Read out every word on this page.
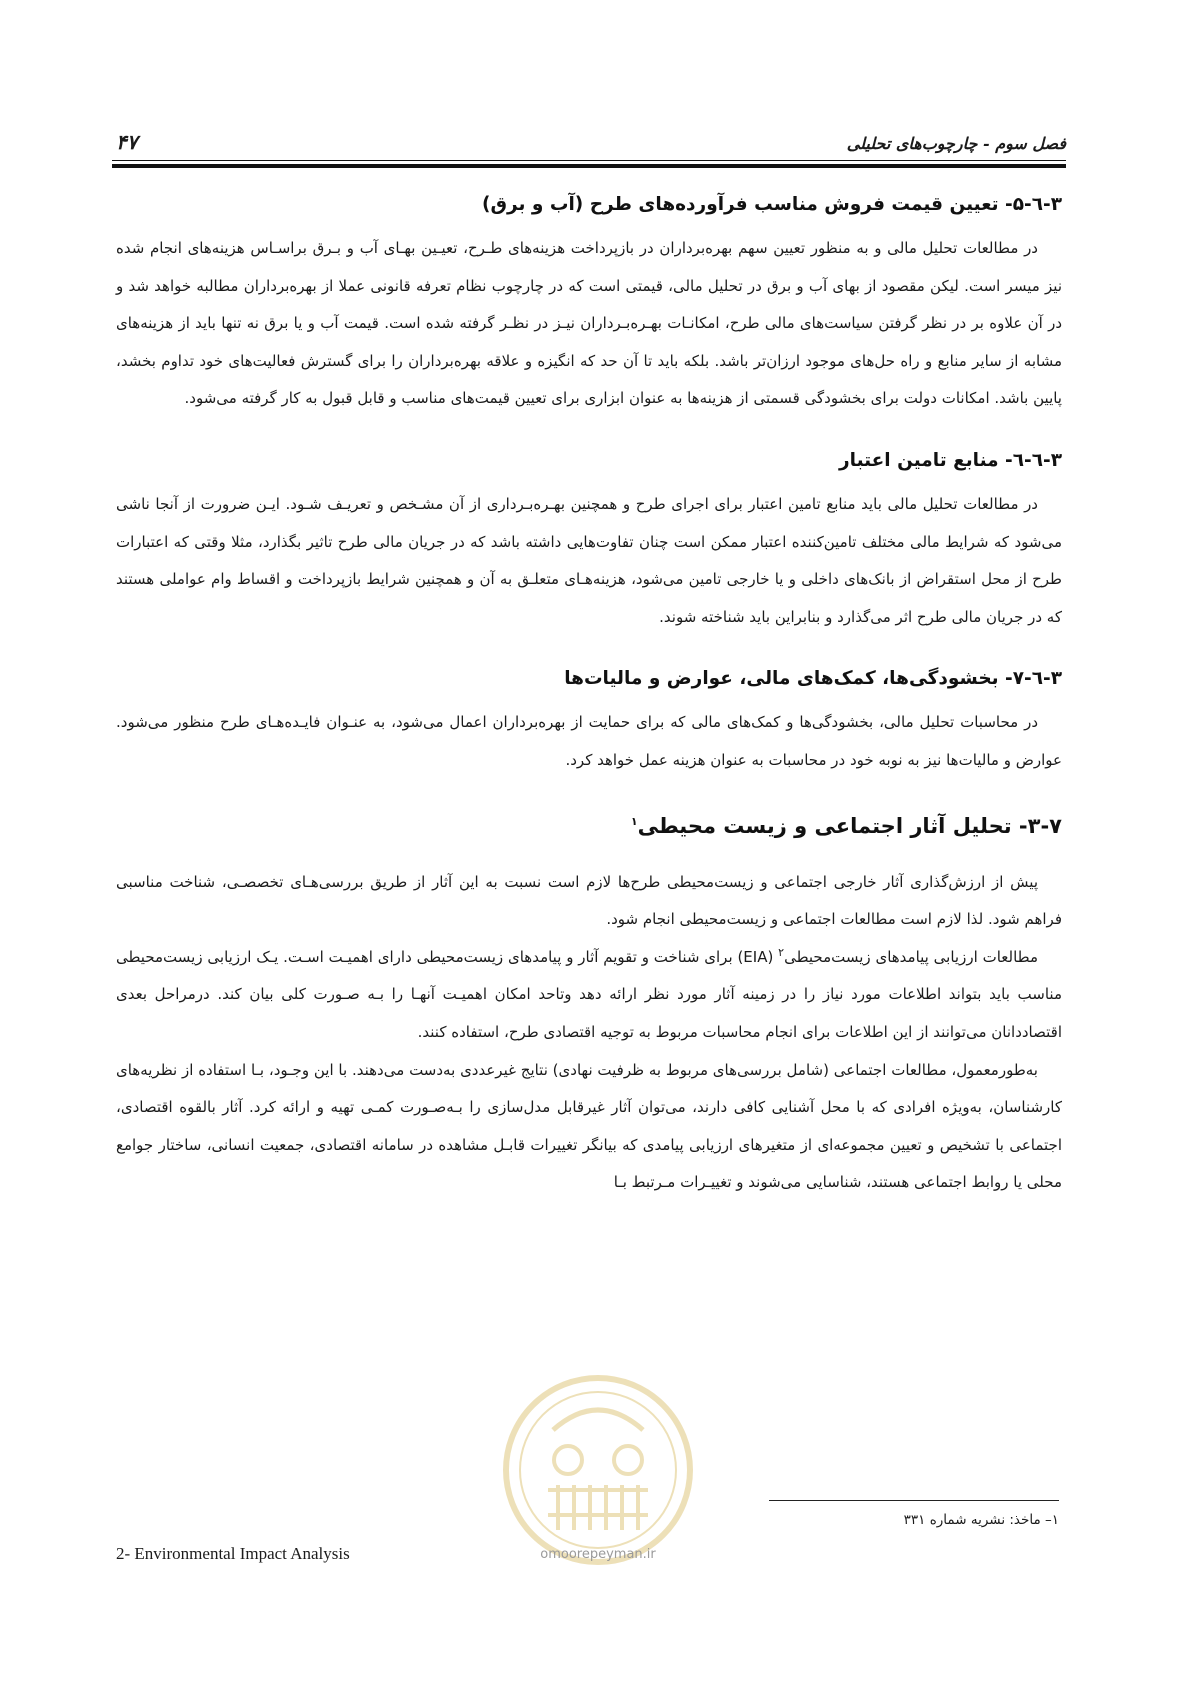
فصل سوم - چارچوب‌های تحلیلی
۴۷
۳-٦-۵- تعیین قیمت فروش مناسب فرآورده‌های طرح (آب و برق)

در مطالعات تحلیل مالی و به منظور تعیین سهم بهره‌برداران در بازپرداخت هزینه‌های طـرح، تعیـین بهـای آب و بـرق براسـاس هزینه‌های انجام شده نیز میسر است. لیکن مقصود از بهای آب و برق در تحلیل مالی، قیمتی است که در چارچوب نظام تعرفه قانونی عملا از بهره‌برداران مطالبه خواهد شد و در آن علاوه بر در نظر گرفتن سیاست‌های مالی طرح، امکانـات بهـره‌بـرداران نیـز در نظـر گرفته شده است. قیمت آب و یا برق نه تنها باید از هزینه‌های مشابه از سایر منابع و راه حل‌های موجود ارزان‌تر باشد. بلکه باید تا آن حد که انگیزه و علاقه بهره‌برداران را برای گسترش فعالیت‌های خود تداوم بخشد، پایین باشد. امکانات دولت برای بخشودگی قسمتی از هزینه‌ها به عنوان ابزاری برای تعیین قیمت‌های مناسب و قابل قبول به کار گرفته می‌شود.

۳-٦-٦- منابع تامین اعتبار

در مطالعات تحلیل مالی باید منابع تامین اعتبار برای اجرای طرح و همچنین بهـره‌بـرداری از آن مشـخص و تعریـف شـود. ایـن ضرورت از آنجا ناشی می‌شود که شرایط مالی مختلف تامین‌کننده اعتبار ممکن است چنان تفاوت‌هایی داشته باشد که در جریان مالی طرح تاثیر بگذارد، مثلا وقتی که اعتبارات طرح از محل استقراض از بانک‌های داخلی و یا خارجی تامین می‌شود، هزینه‌هـای متعلـق به آن و همچنین شرایط بازپرداخت و اقساط وام عواملی هستند که در جریان مالی طرح اثر می‌گذارد و بنابراین باید شناخته شوند.

۳-٦-۷- بخشودگی‌ها، کمک‌های مالی، عوارض و مالیات‌ها

در محاسبات تحلیل مالی، بخشودگی‌ها و کمک‌های مالی که برای حمایت از بهره‌برداران اعمال می‌شود، به عنـوان فایـده‌هـای طرح منظور می‌شود. عوارض و مالیات‌ها نیز به نوبه خود در محاسبات به عنوان هزینه عمل خواهد کرد.

۳-۷- تحلیل آثار اجتماعی و زیست محیطی$^۱$

پیش از ارزش‌گذاری آثار خارجی اجتماعی و زیست‌محیطی طرح‌ها لازم است نسبت به این آثار از طریق بررسی‌هـای تخصصـی، شناخت مناسبی فراهم شود. لذا لازم است مطالعات اجتماعی و زیست‌محیطی انجام شود.

مطالعات ارزیابی پیامدهای زیست‌محیطی$^۲$ (EIA) برای شناخت و تقویم آثار و پیامدهای زیست‌محیطی دارای اهمیـت اسـت. یـک ارزیابی زیست‌محیطی مناسب باید بتواند اطلاعات مورد نیاز را در زمینه آثار مورد نظر ارائه دهد وتاحد امکان اهمیـت آنهـا را بـه صـورت کلی بیان کند. درمراحل بعدی اقتصاددانان می‌توانند از این اطلاعات برای انجام محاسبات مربوط به توجیه اقتصادی طرح، استفاده کنند.

به‌طورمعمول، مطالعات اجتماعی (شامل بررسی‌های مربوط به ظرفیت نهادی) نتایج غیرعددی به‌دست می‌دهند. با این وجـود، بـا استفاده از نظریه‌های کارشناسان، به‌ویژه افرادی که با محل آشنایی کافی دارند، می‌توان آثار غیرقابل مدل‌سازی را بـه‌صـورت کمـی تهیه و ارائه کرد. آثار بالقوه اقتصادی، اجتماعی با تشخیص و تعیین مجموعه‌ای از متغیرهای ارزیابی پیامدی که بیانگر تغییرات قابـل مشاهده در سامانه اقتصادی، جمعیت انسانی، ساختار جوامع محلی یا روابط اجتماعی هستند، شناسایی می‌شوند و تغییـرات مـرتبط بـا

omoorepeyman.ir
۱– ماخذ: نشریه شماره ۳۳۱
2- Environmental Impact Analysis
